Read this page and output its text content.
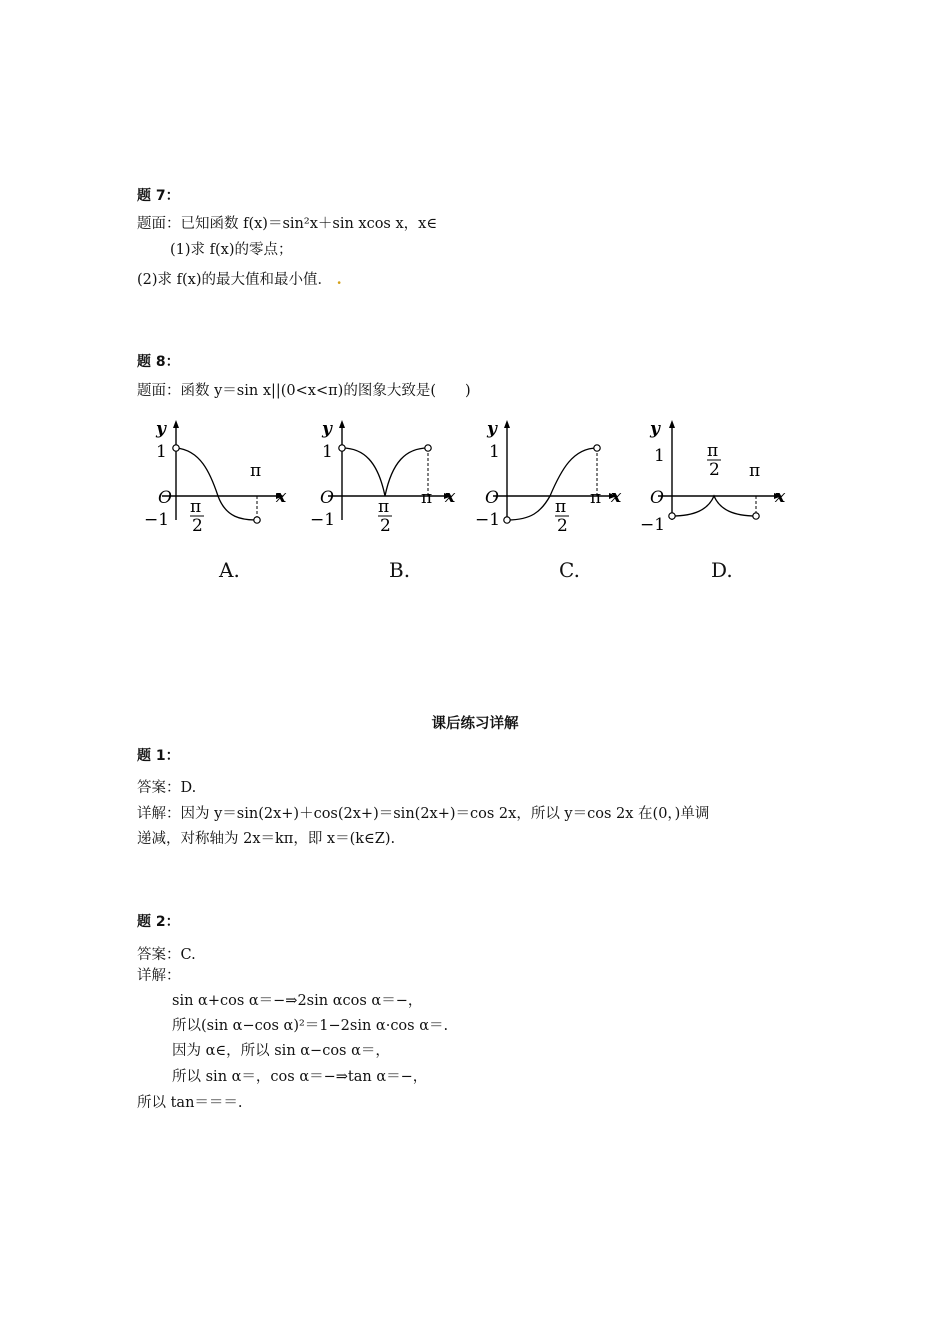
题 7：
题面：已知函数 f(x)＝sin²x＋sin xcos x，x∈
(1)求 f(x)的零点；
(2)求 f(x)的最大值和最小值． .
题 8：
题面：函数 y＝sin x||(0<x<π)的图象大致是(　　)
y
1
O
−1
π
π
2
x
y
1
O
−1
π
π
2
x
y
1
O
−1
π
π
2
x
y
1
O
−1
π
π
2
x
A.	B.	C.	D.
课后练习详解
题 1：
答案：D.
详解：因为 y＝sin(2x+)＋cos(2x+)＝sin(2x+)＝cos 2x，所以 y＝cos 2x 在(0，)单调
递减，对称轴为 2x＝kπ，即 x＝(k∈Z).
题 2：
答案：C.
详解：
sin α+cos α＝−⇒2sin αcos α＝−，
所以(sin α−cos α)²＝1−2sin α·cos α＝.
因为 α∈，所以 sin α−cos α＝，
所以 sin α＝，cos α＝−⇒tan α＝−，
所以 tan＝＝＝.
